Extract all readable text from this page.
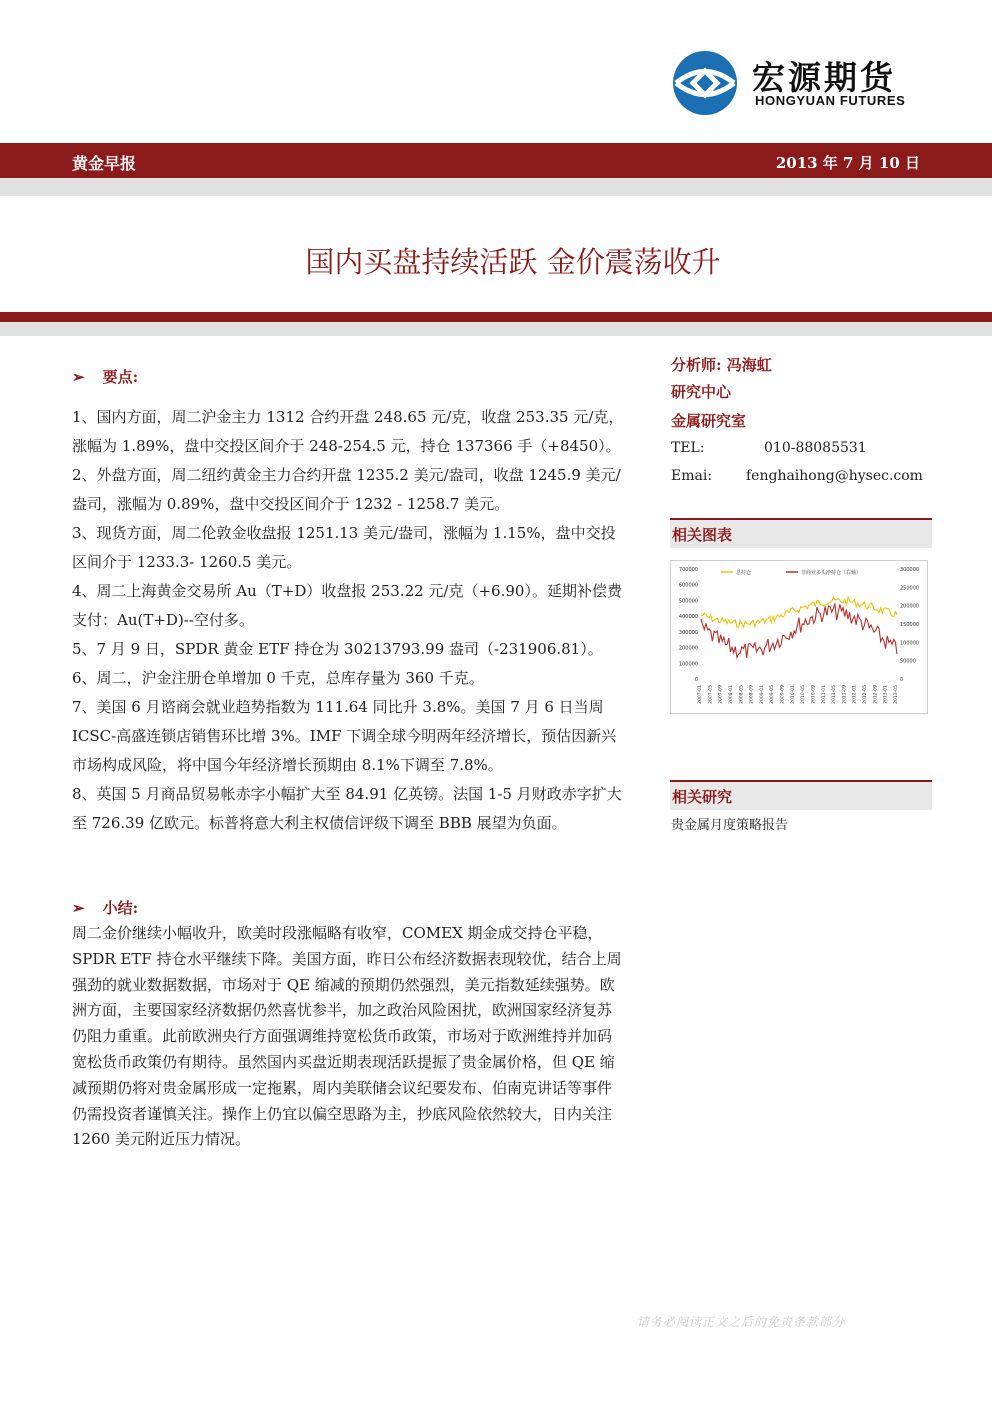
宏源期货
HONGYUAN FUTURES
黄金早报	2013 年 7 月 10 日
国内买盘持续活跃 金价震荡收升
➢ 要点:

1、国内方面，周二沪金主力 1312 合约开盘 248.65 元/克，收盘 253.35 元/克，涨幅为 1.89%，盘中交投区间介于 248-254.5 元，持仓 137366 手（+8450）。

2、外盘方面，周二纽约黄金主力合约开盘 1235.2 美元/盎司，收盘 1245.9 美元/盎司，涨幅为 0.89%，盘中交投区间介于 1232 - 1258.7 美元。

3、现货方面，周二伦敦金收盘报 1251.13 美元/盎司，涨幅为 1.15%，盘中交投区间介于 1233.3- 1260.5 美元。

4、周二上海黄金交易所 Au（T+D）收盘报 253.22 元/克（+6.90）。延期补偿费支付：Au(T+D)--空付多。

5、7 月 9 日，SPDR 黄金 ETF 持仓为 30213793.99 盎司（-231906.81）。

6、周二，沪金注册仓单增加 0 千克，总库存量为 360 千克。

7、美国 6 月谘商会就业趋势指数为 111.64 同比升 3.8%。美国 7 月 6 日当周 ICSC-高盛连锁店销售环比增 3%。IMF 下调全球今明两年经济增长，预估因新兴市场构成风险，将中国今年经济增长预期由 8.1%下调至 7.8%。

8、英国 5 月商品贸易帐赤字小幅扩大至 84.91 亿英镑。法国 1-5 月财政赤字扩大至 726.39 亿欧元。标普将意大利主权债信评级下调至 BBB 展望为负面。

➢ 小结:

周二金价继续小幅收升，欧美时段涨幅略有收窄，COMEX 期金成交持仓平稳，SPDR ETF 持仓水平继续下降。美国方面，昨日公布经济数据表现较优，结合上周强劲的就业数据数据，市场对于 QE 缩减的预期仍然强烈，美元指数延续强势。欧洲方面，主要国家经济数据仍然喜忧参半，加之政治风险困扰，欧洲国家经济复苏仍阻力重重。此前欧洲央行方面强调维持宽松货币政策，市场对于欧洲维持并加码宽松货币政策仍有期待。虽然国内买盘近期表现活跃提振了贵金属价格，但 QE 缩减预期仍将对贵金属形成一定拖累，周内美联储会议纪要发布、伯南克讲话等事件仍需投资者谨慎关注。操作上仍宜以偏空思路为主，抄底风险依然较大，日内关注 1260 美元附近压力情况。

分析师: 冯海虹
研究中心
金属研究室
TEL:	010-88085531
Emai: fenghaihong@hysec.com
相关图表
700000
600000
500000
400000
300000
200000
100000
0
300000
250000
200000
150000
100000
50000
0
2007-01 2007-05 2007-09 2008-01 2008-05 2008-09 2009-01 2009-05 2009-09 2010-01 2010-05 2010-09 2011-01 2011-05 2011-09 2012-01 2012-05 2012-09 2013-01 2013-05
总持仓	非商业多头净持仓（右轴）
相关研究
贵金属月度策略报告
请务必阅读正文之后的免责条款部分
